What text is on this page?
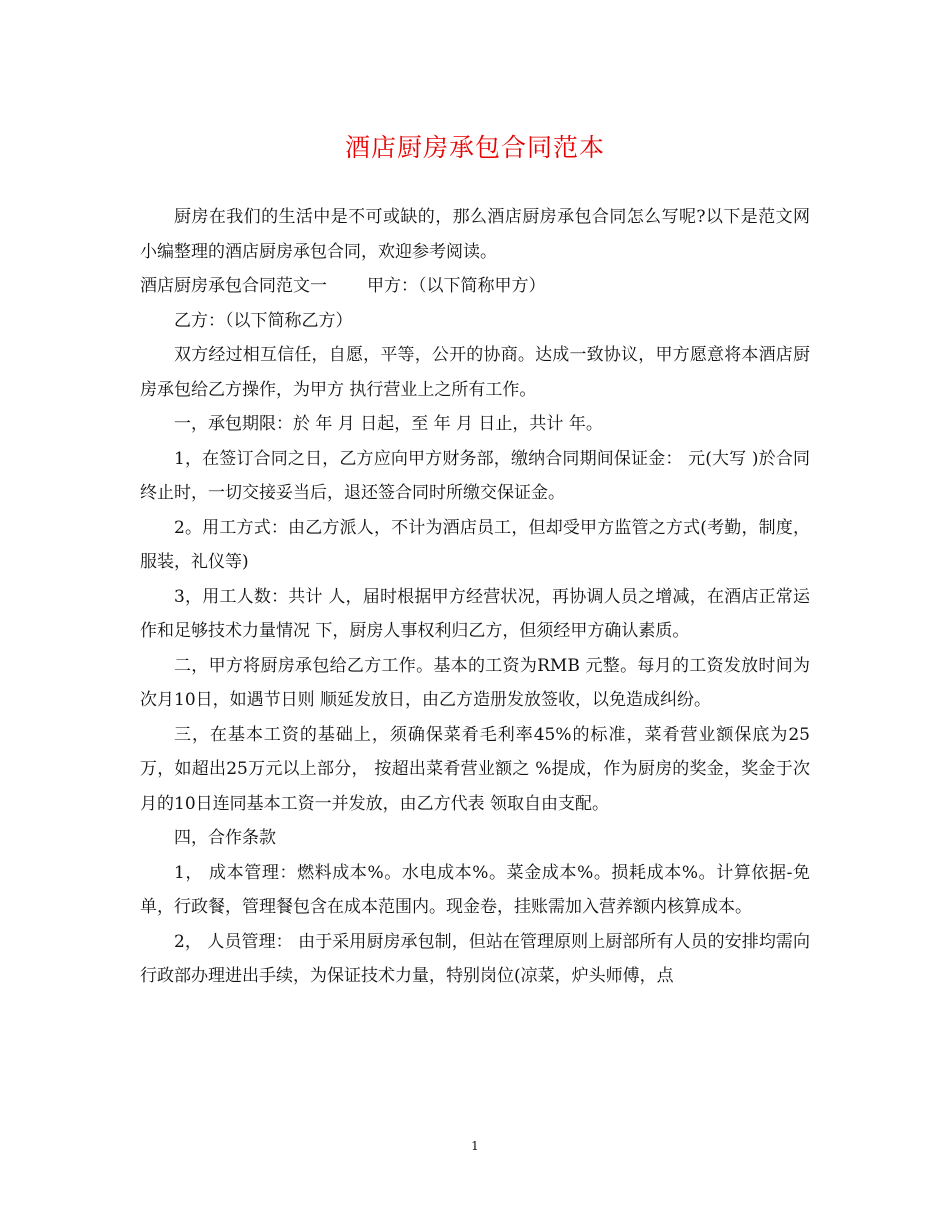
酒店厨房承包合同范本

厨房在我们的生活中是不可或缺的，那么酒店厨房承包合同怎么写呢?以下是范文网小编整理的酒店厨房承包合同，欢迎参考阅读。

酒店厨房承包合同范文一 甲方：（以下简称甲方）

乙方：（以下简称乙方）

双方经过相互信任，自愿，平等，公开的协商。达成一致协议，甲方愿意将本酒店厨房承包给乙方操作，为甲方 执行营业上之所有工作。

一，承包期限：於 年 月 日起，至 年 月 日止，共计 年。

1，在签订合同之日，乙方应向甲方财务部，缴纳合同期间保证金： 元(大写 )於合同终止时，一切交接妥当后，退还签合同时所缴交保证金。

2。用工方式：由乙方派人，不计为酒店员工，但却受甲方监管之方式(考勤，制度，服装，礼仪等)

3，用工人数：共计 人，届时根据甲方经营状况，再协调人员之增减，在酒店正常运作和足够技术力量情况 下，厨房人事权利归乙方，但须经甲方确认素质。

二，甲方将厨房承包给乙方工作。基本的工资为RMB 元整。每月的工资发放时间为次月10日，如遇节日则 顺延发放日，由乙方造册发放签收，以免造成纠纷。

三，在基本工资的基础上，须确保菜肴毛利率45%的标准，菜肴营业额保底为25万，如超出25万元以上部分， 按超出菜肴营业额之 %提成，作为厨房的奖金，奖金于次月的10日连同基本工资一并发放，由乙方代表 领取自由支配。

四，合作条款

1， 成本管理：燃料成本%。水电成本%。菜金成本%。损耗成本%。计算依据-免单，行政餐，管理餐包含在成本范围内。现金卷，挂账需加入营养额内核算成本。

2， 人员管理： 由于采用厨房承包制，但站在管理原则上厨部所有人员的安排均需向行政部办理进出手续，为保证技术力量，特别岗位(凉菜，炉头师傅，点

1
